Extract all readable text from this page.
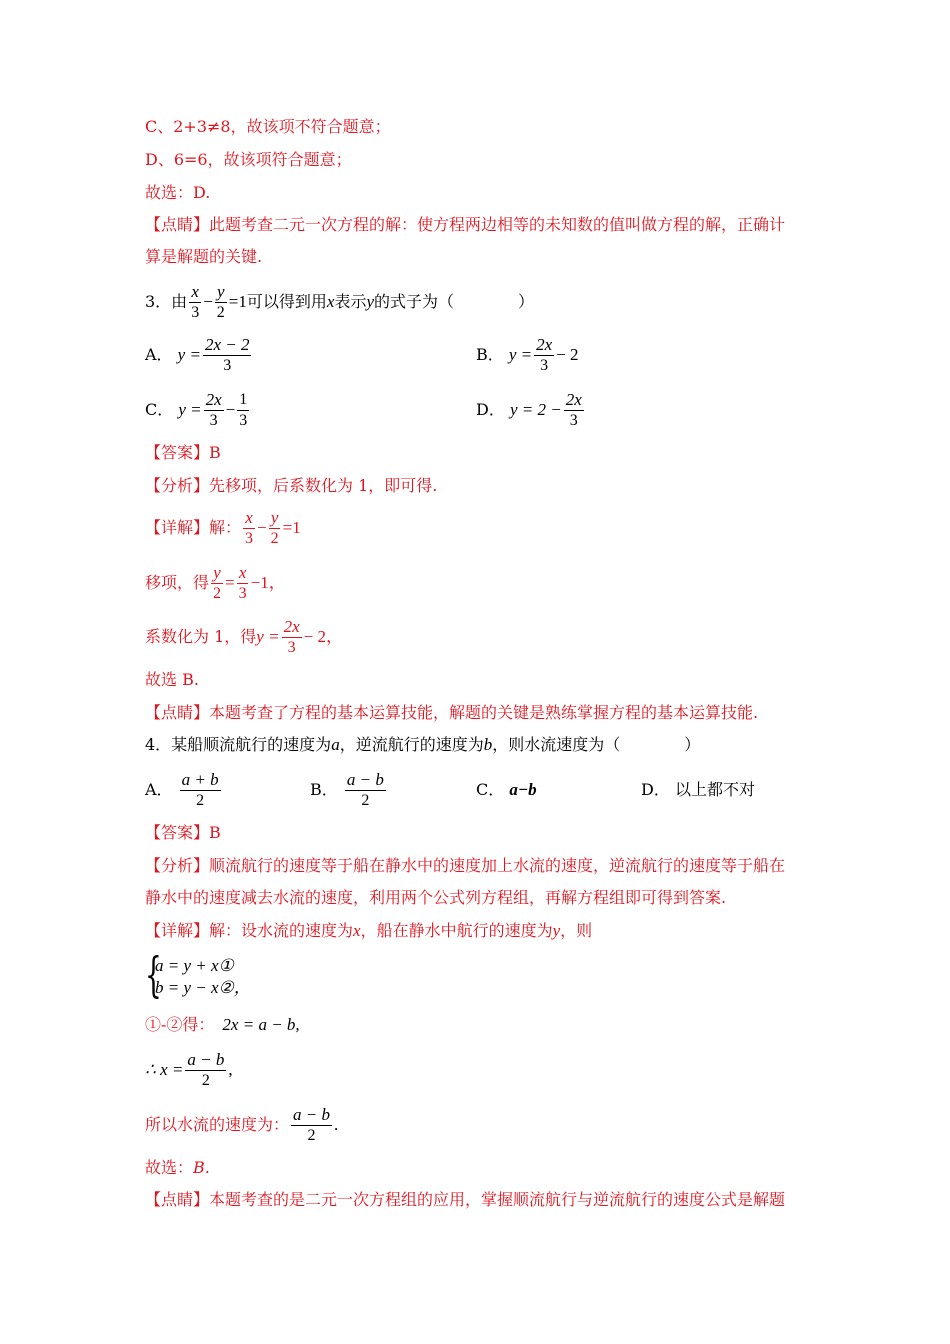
C、2+3≠8，故该项不符合题意；
D、6=6，故该项符合题意；
故选：D.
【点睛】此题考查二元一次方程的解：使方程两边相等的未知数的值叫做方程的解，正确计
算是解题的关键.
3．由 $\frac{x}{3} - \frac{y}{2} =1$可以得到用x表示y的式子为（　　　　）
A． $y = \frac{2x - 2}{3}$	B． $y = \frac{2x}{3} - 2$
C． $y = \frac{2x}{3} - \frac{1}{3}$	D． $y = 2 - \frac{2x}{3}$
【答案】B
【分析】先移项，后系数化为 1，即可得.
【详解】解： $\frac{x}{3} - \frac{y}{2} =1$
移项，得 $\frac{y}{2} = \frac{x}{3} -1$，
系数化为 1，得$y = \frac{2x}{3} - 2$，
故选 B.
【点睛】本题考查了方程的基本运算技能，解题的关键是熟练掌握方程的基本运算技能.
4．某船顺流航行的速度为a，逆流航行的速度为b，则水流速度为（　　　　）
A． $\frac{a + b}{2}$	B． $\frac{a - b}{2}$	C． a−b	D． 以上都不对
【答案】B
【分析】顺流航行的速度等于船在静水中的速度加上水流的速度，逆流航行的速度等于船在
静水中的速度减去水流的速度，利用两个公式列方程组，再解方程组即可得到答案.
【详解】解：设水流的速度为x，船在静水中航行的速度为y，则
{
a = y + x①
b = y − x②，
①-②得： 2x = a − b,
∴ $x = \frac{a - b}{2}$ ,
所以水流的速度为： $\frac{a - b}{2}$ .
故选：B.
【点睛】本题考查的是二元一次方程组的应用，掌握顺流航行与逆流航行的速度公式是解题
